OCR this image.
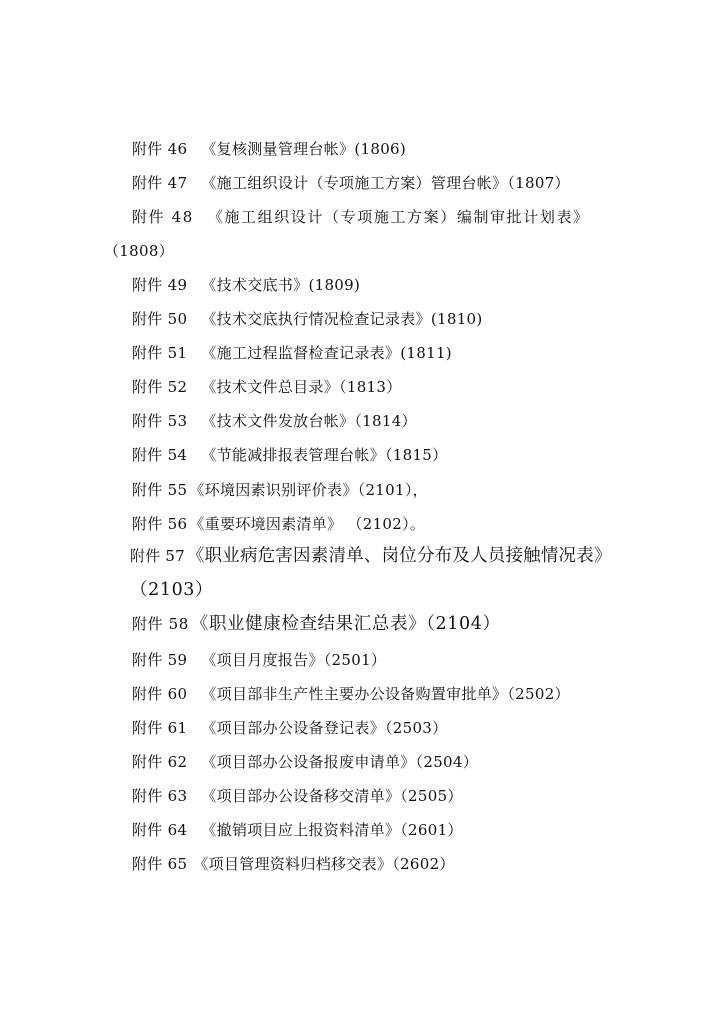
附件 46 《复核测量管理台帐》(1806)
附件 47 《施工组织设计（专项施工方案）管理台帐》（1807）
附件 48 《施工组织设计（专项施工方案）编制审批计划表》
（1808）
附件 49 《技术交底书》(1809)
附件 50 《技术交底执行情况检查记录表》(1810)
附件 51 《施工过程监督检查记录表》(1811)
附件 52 《技术文件总目录》（1813）
附件 53 《技术文件发放台帐》（1814）
附件 54 《节能减排报表管理台帐》（1815）
附件 55 《环境因素识别评价表》（2101），
附件 56 《重要环境因素清单》 （2102）。
附件 57 《职业病危害因素清单、岗位分布及人员接触情况表》
（2103）
附件 58 《职业健康检查结果汇总表》（2104）
附件 59 《项目月度报告》（2501）
附件 60 《项目部非生产性主要办公设备购置审批单》（2502）
附件 61 《项目部办公设备登记表》（2503）
附件 62 《项目部办公设备报废申请单》（2504）
附件 63 《项目部办公设备移交清单》（2505）
附件 64 《撤销项目应上报资料清单》（2601）
附件 65 《项目管理资料归档移交表》（2602）
